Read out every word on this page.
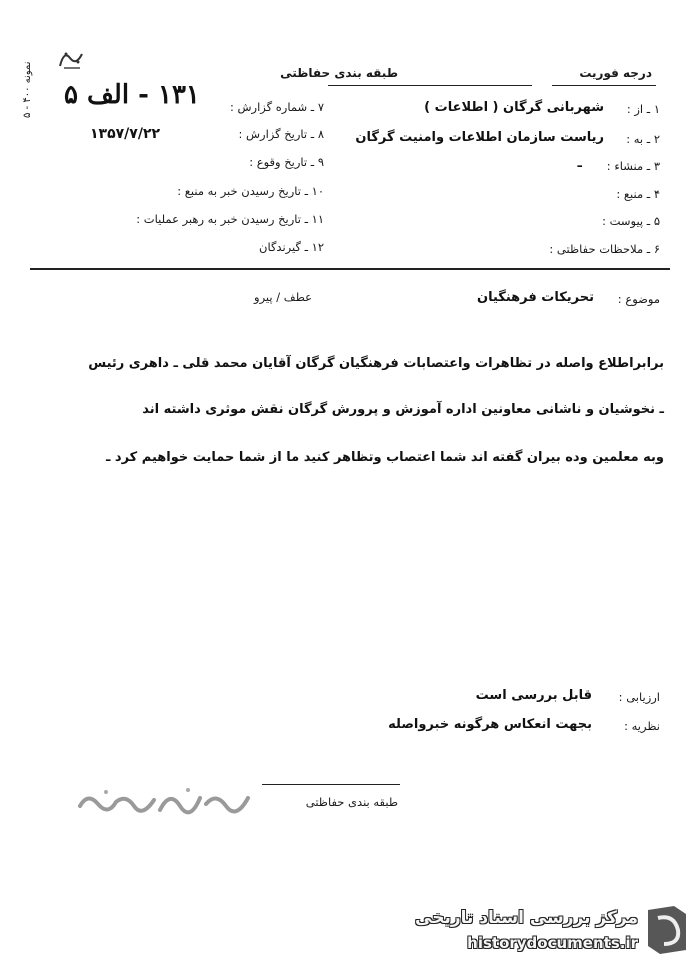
نمونه ۴۰۰ - ۵	درجه فوریت
طبقه بندی حفاظتی
۱۳۱ - الف ۵
۱۳۵۷/۷/۲۲
۱ ـ از :
شهربانی گرگان ( اطلاعات )
۲ ـ به :
ریاست سازمان اطلاعات وامنیت گرگان
۳ ـ منشاء :
ـ
۴ ـ منبع :
۵ ـ پیوست :
۶ ـ ملاحظات حفاظتی :
۷ ـ شماره گزارش :
۸ ـ تاریخ گزارش :
۹ ـ تاریخ وقوع :
۱۰ ـ تاریخ رسیدن خبر به منبع :
۱۱ ـ تاریخ رسیدن خبر به رهبر عملیات :
۱۲ ـ گیرندگان
موضوع :
تحریکات فرهنگیان
عطف / پیرو
برابراطلاع واصله در تظاهرات واعتصابات فرهنگیان گرگان آقایان محمد قلی ـ داهری رئیس
ـ نخوشیان و ناشانی معاونین اداره آموزش و پرورش گرگان نقش موثری داشته اند
وبه معلمین وده بیران گفته اند شما اعتصاب وتظاهر کنید ما از شما حمایت خواهیم کرد ـ
ارزیابی :
قابل بررسی است
نظریه :
بجهت انعکاس هرگونه خبرواصله
طبقه بندی حفاظتی
مرکز بررسی اسناد تاریخی
historydocuments.ir
